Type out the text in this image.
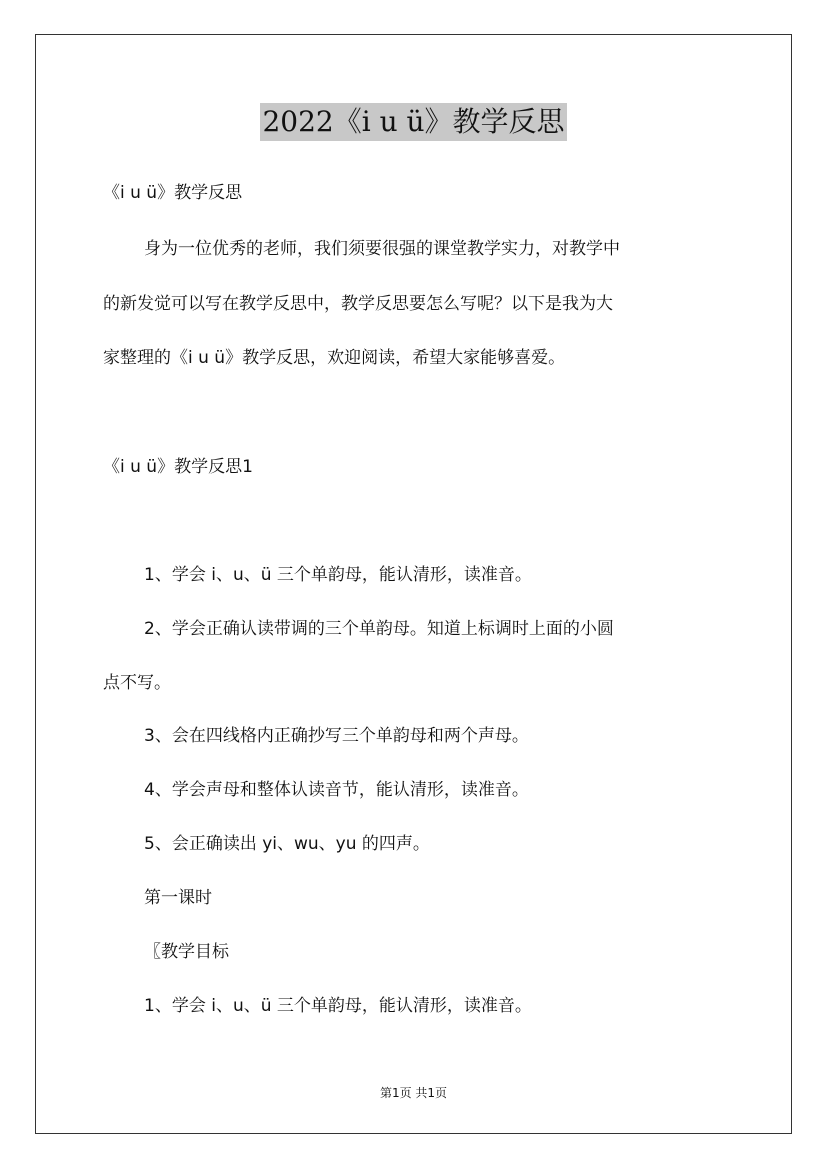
2022《i u ü》教学反思
《i u ü》教学反思
身为一位优秀的老师，我们须要很强的课堂教学实力，对教学中
的新发觉可以写在教学反思中，教学反思要怎么写呢？以下是我为大
家整理的《i u ü》教学反思，欢迎阅读，希望大家能够喜爱。
《i u ü》教学反思1
1、学会 i、u、ü 三个单韵母，能认清形，读准音。
2、学会正确认读带调的三个单韵母。知道上标调时上面的小圆
点不写。
3、会在四线格内正确抄写三个单韵母和两个声母。
4、学会声母和整体认读音节，能认清形，读准音。
5、会正确读出 yi、wu、yu 的四声。
第一课时
〖教学目标
1、学会 i、u、ü 三个单韵母，能认清形，读准音。
第1页 共1页
